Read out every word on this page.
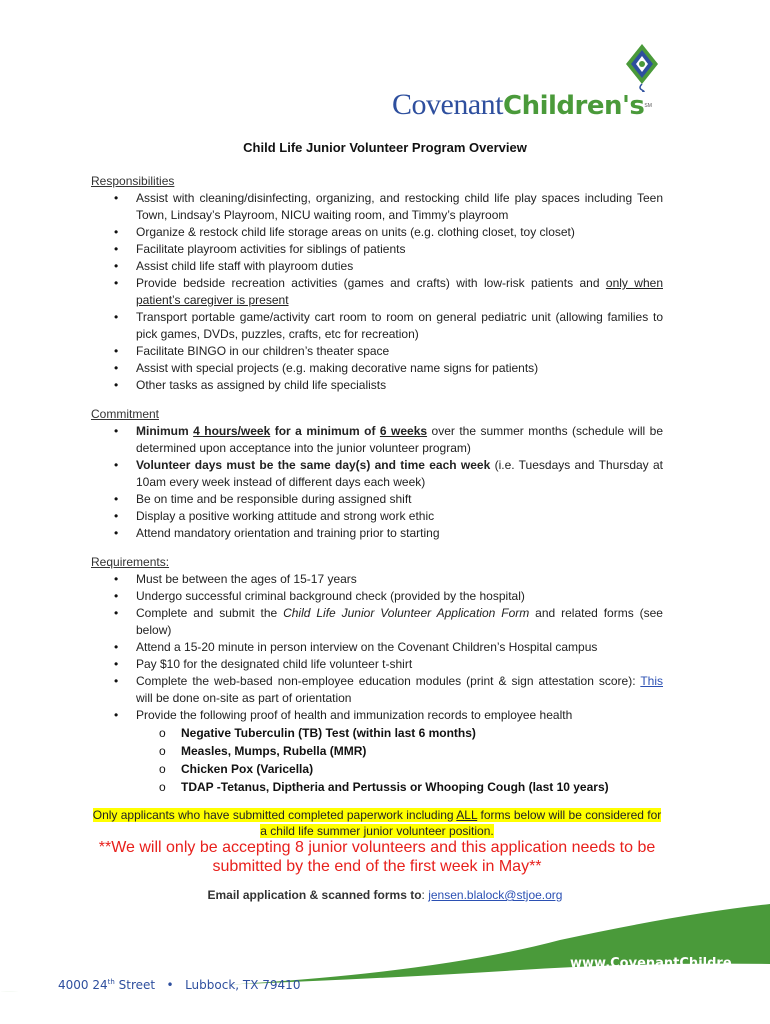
CovenantChildren'sSM
Child Life Junior Volunteer Program Overview
Responsibilities
• Assist with cleaning/disinfecting, organizing, and restocking child life play spaces including Teen Town, Lindsay’s Playroom, NICU waiting room, and Timmy’s playroom
• Organize & restock child life storage areas on units (e.g. clothing closet, toy closet)
• Facilitate playroom activities for siblings of patients
• Assist child life staff with playroom duties
• Provide bedside recreation activities (games and crafts) with low-risk patients and only when patient’s caregiver is present
• Transport portable game/activity cart room to room on general pediatric unit (allowing families to pick games, DVDs, puzzles, crafts, etc for recreation)
• Facilitate BINGO in our children’s theater space
• Assist with special projects (e.g. making decorative name signs for patients)
• Other tasks as assigned by child life specialists
Commitment
• Minimum 4 hours/week for a minimum of 6 weeks over the summer months (schedule will be determined upon acceptance into the junior volunteer program)
• Volunteer days must be the same day(s) and time each week (i.e. Tuesdays and Thursday at 10am every week instead of different days each week)
• Be on time and be responsible during assigned shift
• Display a positive working attitude and strong work ethic
• Attend mandatory orientation and training prior to starting
Requirements:
• Must be between the ages of 15-17 years
• Undergo successful criminal background check (provided by the hospital)
• Complete and submit the Child Life Junior Volunteer Application Form and related forms (see below)
• Attend a 15-20 minute in person interview on the Covenant Children’s Hospital campus
• Pay $10 for the designated child life volunteer t-shirt
• Complete the web-based non-employee education modules (print & sign attestation score): This will be done on-site as part of orientation
• Provide the following proof of health and immunization records to employee health
o Negative Tuberculin (TB) Test (within last 6 months)
o Measles, Mumps, Rubella (MMR)
o Chicken Pox (Varicella)
o TDAP -Tetanus, Diptheria and Pertussis or Whooping Cough (last 10 years)
Only applicants who have submitted completed paperwork including ALL forms below will be considered for a child life summer junior volunteer position.
**We will only be accepting 8 junior volunteers and this application needs to be submitted by the end of the first week in May**
Email application & scanned forms to: jensen.blalock@stjoe.org
www.CovenantChildre
4000 24th Street • Lubbock, TX 79410
